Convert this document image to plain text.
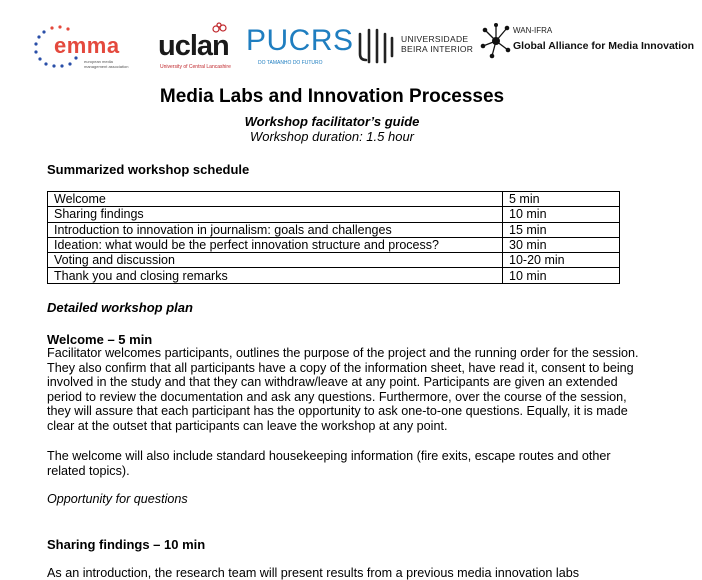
emma
european media management association
uclan
University of Central Lancashire
PUCRS
DO TAMANHO DO FUTURO
UNIVERSIDADE
BEIRA INTERIOR
WAN-IFRA
Global Alliance for Media Innovation
Media Labs and Innovation Processes
Workshop facilitator’s guide
Workshop duration: 1.5 hour
Summarized workshop schedule
Welcome	5 min
Sharing findings	10 min
Introduction to innovation in journalism: goals and challenges	15 min
Ideation: what would be the perfect innovation structure and process?	30 min
Voting and discussion	10-20 min
Thank you and closing remarks	10 min
Detailed workshop plan
Welcome – 5 min
Facilitator welcomes participants, outlines the purpose of the project and the running order for the session. They also confirm that all participants have a copy of the information sheet, have read it, consent to being involved in the study and that they can withdraw/leave at any point. Participants are given an extended period to review the documentation and ask any questions. Furthermore, over the course of the session, they will assure that each participant has the opportunity to ask one-to-one questions. Equally, it is made clear at the outset that participants can leave the workshop at any point.
The welcome will also include standard housekeeping information (fire exits, escape routes and other related topics).
Opportunity for questions
Sharing findings – 10 min
As an introduction, the research team will present results from a previous media innovation labs
